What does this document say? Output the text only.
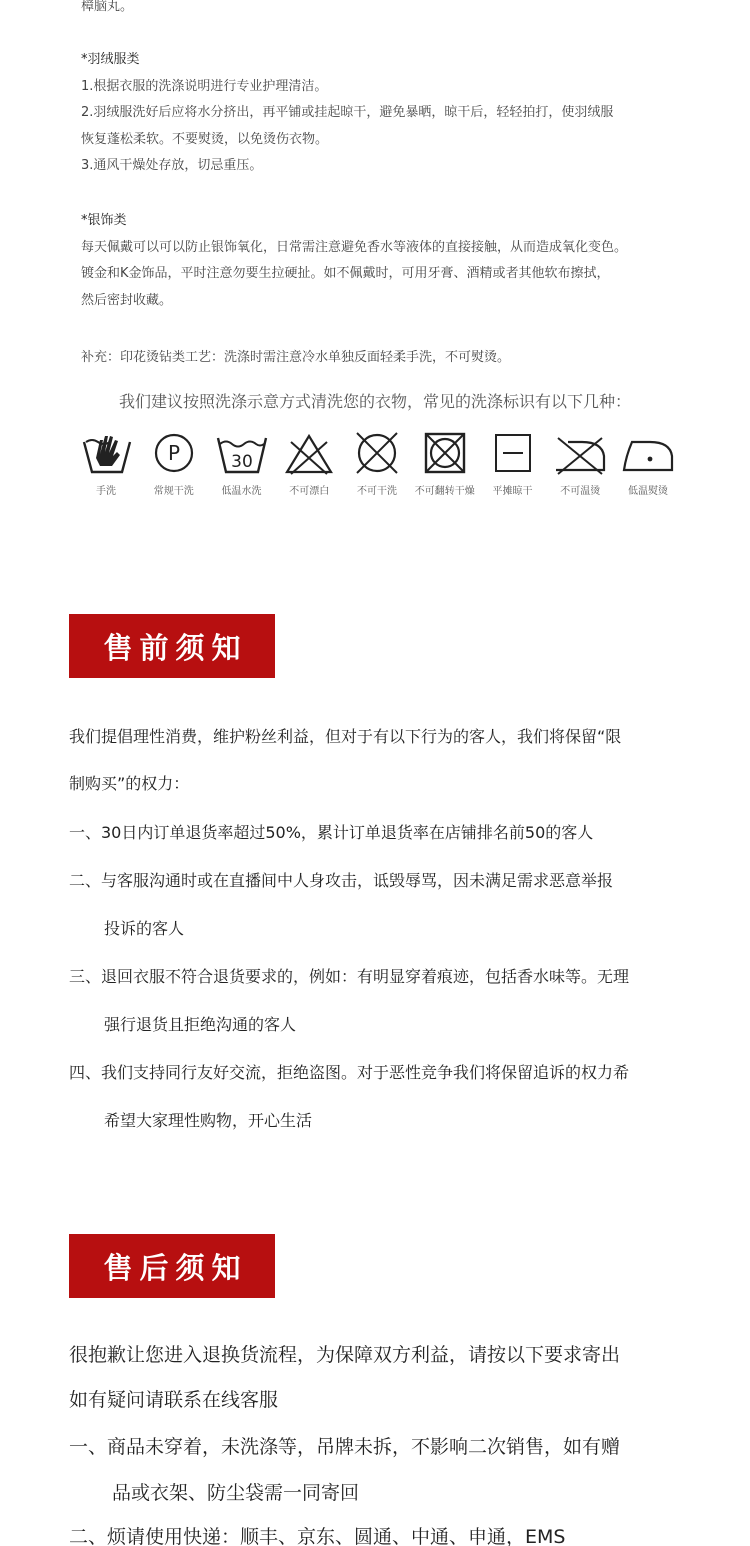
樟脑丸。

*羽绒服类

1.根据衣服的洗涤说明进行专业护理清洁。

2.羽绒服洗好后应将水分挤出，再平铺或挂起晾干，避免暴晒，晾干后，轻轻拍打，使羽绒服

恢复蓬松柔软。不要熨烫，以免烫伤衣物。

3.通风干燥处存放，切忌重压。

*银饰类

每天佩戴可以可以防止银饰氧化，日常需注意避免香水等液体的直接接触，从而造成氧化变色。

镀金和K金饰品，平时注意勿要生拉硬扯。如不佩戴时，可用牙膏、酒精或者其他软布擦拭，

然后密封收藏。

补充：印花烫钻类工艺：洗涤时需注意冷水单独反面轻柔手洗，不可熨烫。
我们建议按照洗涤示意方式清洗您的衣物，常见的洗涤标识有以下几种：
手洗
P
常规干洗
30
低温水洗	不可漂白	不可干洗 不可翻转干燥 平摊晾干	不可温烫	低温熨烫
售前须知
我们提倡理性消费，维护粉丝利益，但对于有以下行为的客人，我们将保留“限
制购买”的权力：
一、30日内订单退货率超过50%，累计订单退货率在店铺排名前50的客人
二、与客服沟通时或在直播间中人身攻击，诋毁辱骂，因未满足需求恶意举报
投诉的客人
三、退回衣服不符合退货要求的，例如：有明显穿着痕迹，包括香水味等。无理
强行退货且拒绝沟通的客人
四、我们支持同行友好交流，拒绝盗图。对于恶性竞争我们将保留追诉的权力希
希望大家理性购物，开心生活
售后须知
很抱歉让您进入退换货流程，为保障双方利益，请按以下要求寄出
如有疑问请联系在线客服
一、商品未穿着，未洗涤等，吊牌未拆，不影响二次销售，如有赠
品或衣架、防尘袋需一同寄回
二、烦请使用快递：顺丰、京东、圆通、中通、申通，EMS
